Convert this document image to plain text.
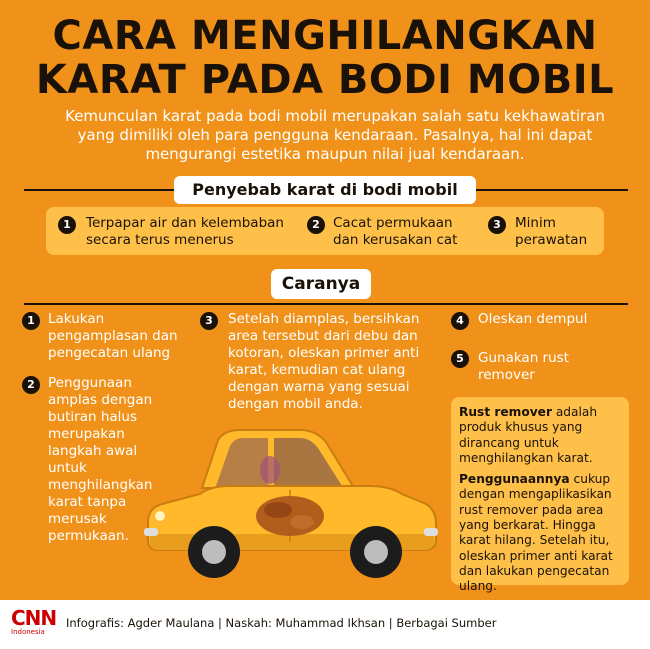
CARA MENGHILANGKAN
KARAT PADA BODI MOBIL
Kemunculan karat pada bodi mobil merupakan salah satu kekhawatiran yang dimiliki oleh para pengguna kendaraan. Pasalnya, hal ini dapat mengurangi estetika maupun nilai jual kendaraan.
Penyebab karat di bodi mobil
1	Terpapar air dan kelembaban secara terus menerus
2 Cacat permukaan dan kerusakan cat
3	Minim perawatan
Caranya
1 Lakukan pengamplasan dan pengecatan ulang
2 Penggunaan amplas dengan butiran halus merupakan langkah awal untuk menghilangkan karat tanpa merusak permukaan.
3	Setelah diamplas, bersihkan area tersebut dari debu dan kotoran, oleskan primer anti karat, kemudian cat ulang dengan warna yang sesuai dengan mobil anda.
4	Oleskan dempul
5	Gunakan rust remover

Rust remover adalah produk khusus yang dirancang untuk menghilangkan karat.

Penggunaannya cukup dengan mengaplikasikan rust remover pada area yang berkarat. Hingga karat hilang. Setelah itu, oleskan primer anti karat dan lakukan pengecatan ulang.

CNN
Indonesia
Infografis: Agder Maulana | Naskah: Muhammad Ikhsan | Berbagai Sumber
